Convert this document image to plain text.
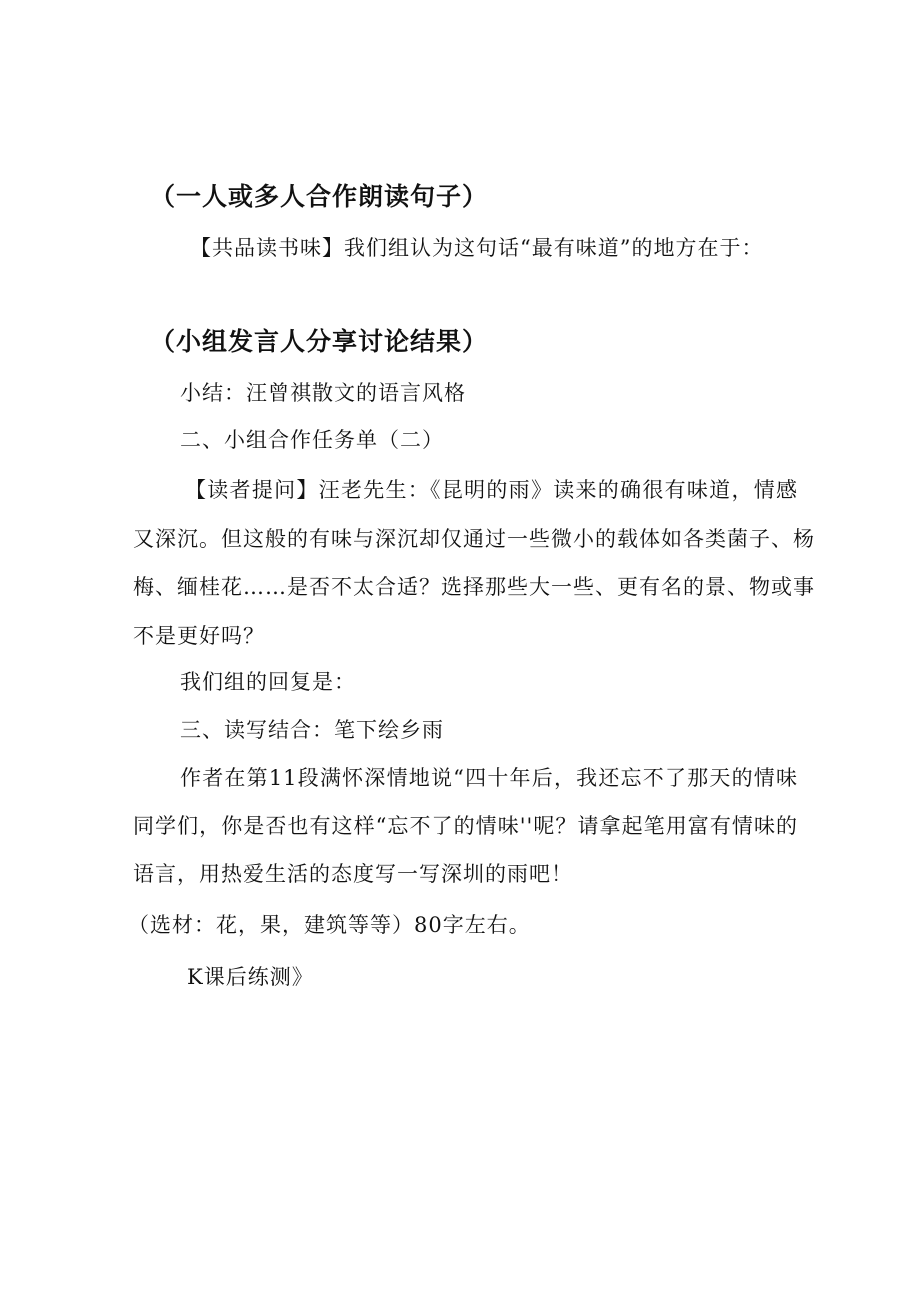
（一人或多人合作朗读句子）
【共品读书味】我们组认为这句话“最有味道”的地方在于：
（小组发言人分享讨论结果）
小结：汪曾祺散文的语言风格
二、小组合作任务单（二）
【读者提问】汪老先生：《昆明的雨》读来的确很有味道，情感
又深沉。但这般的有味与深沉却仅通过一些微小的载体如各类菌子、杨
梅、缅桂花……是否不太合适？选择那些大一些、更有名的景、物或事
不是更好吗？
我们组的回复是：
三、读写结合：笔下绘乡雨
作者在第11段满怀深情地说“四十年后，我还忘不了那天的情味
同学们，你是否也有这样“忘不了的情味''呢？请拿起笔用富有情味的
语言，用热爱生活的态度写一写深圳的雨吧！
（选材：花，果，建筑等等）80字左右。
K课后练测》
